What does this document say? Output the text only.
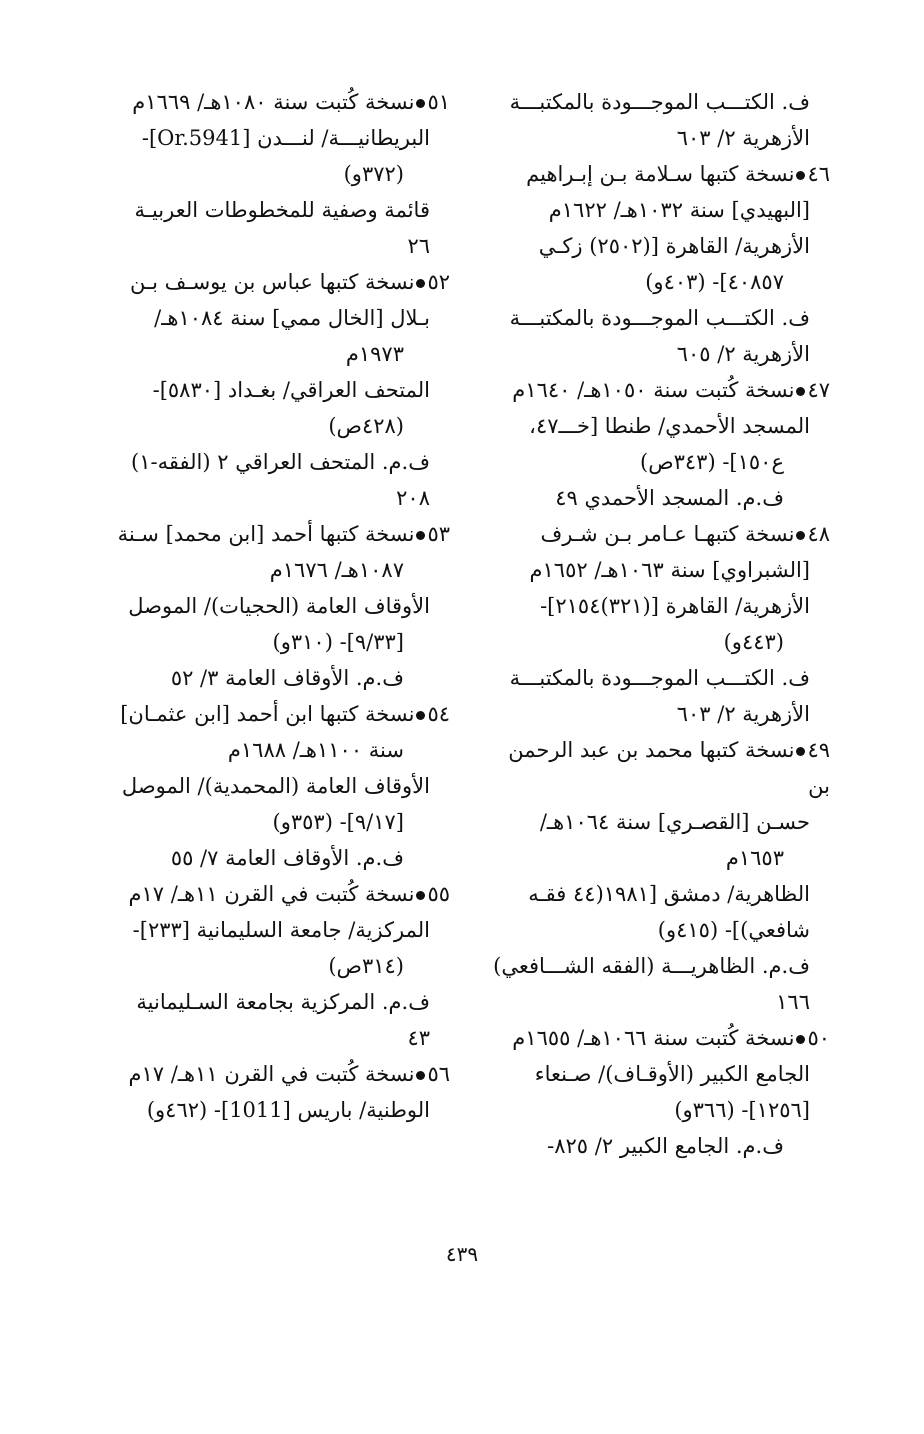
ف. الكتـــب الموجـــودة بالمكتبـــة
الأزهرية ٢/ ٦٠٣
٤٦نسخة كتبها سـلامة بـن إبـراهيم
[البهيدي] سنة ١٠٣٢هـ/ ١٦٢٢م
الأزهرية/ القاهرة [(٢٥٠٢) زكـي
٤٠٨٥٧]- (٤٠٣و)
ف. الكتـــب الموجـــودة بالمكتبـــة
الأزهرية ٢/ ٦٠٥
٤٧نسخة كُتبت سنة ١٠٥٠هـ/ ١٦٤٠م
المسجد الأحمدي/ طنطا [خـــ٤٧،
ع١٥٠]- (٣٤٣ص)
ف.م. المسجد الأحمدي ٤٩
٤٨نسخة كتبهـا عـامر بـن شـرف
[الشبراوي] سنة ١٠٦٣هـ/ ١٦٥٢م
الأزهرية/ القاهرة [(٣٢١)٢١٥٤]-
(٤٤٣و)
ف. الكتـــب الموجـــودة بالمكتبـــة
الأزهرية ٢/ ٦٠٣
٤٩نسخة كتبها محمد بن عبد الرحمن بن
حسـن [القصـري] سنة ١٠٦٤هـ/
١٦٥٣م
الظاهرية/ دمشق [١٩٨١(٤٤ فقـه
شافعي)]- (٤١٥و)
ف.م. الظاهريـــة (الفقه الشـــافعي)
١٦٦
٥٠نسخة كُتبت سنة ١٠٦٦هـ/ ١٦٥٥م
الجامع الكبير (الأوقـاف)/ صـنعاء
[١٢٥٦]- (٣٦٦و)
ف.م. الجامع الكبير ٢/ ٨٢٥-
٥١نسخة كُتبت سنة ١٠٨٠هـ/ ١٦٦٩م
البريطانيـــة/ لنـــدن [Or.5941]-
(٣٧٢و)
قائمة وصفية للمخطوطات العربيـة
٢٦
٥٢نسخة كتبها عباس بن يوسـف بـن
بـلال [الخال ممي] سنة ١٠٨٤هـ/
١٩٧٣م
المتحف العراقي/ بغـداد [٥٨٣٠]-
(٤٢٨ص)
ف.م. المتحف العراقي ٢ (الفقه-١)
٢٠٨
٥٣نسخة كتبها أحمد [ابن محمد] سـنة
١٠٨٧هـ/ ١٦٧٦م
الأوقاف العامة (الحجيات)/ الموصل
[٩/٣٣]- (٣١٠و)
ف.م. الأوقاف العامة ٣/ ٥٢
٥٤نسخة كتبها ابن أحمد [ابن عثمـان]
سنة ١١٠٠هـ/ ١٦٨٨م
الأوقاف العامة (المحمدية)/ الموصل
[٩/١٧]- (٣٥٣و)
ف.م. الأوقاف العامة ٧/ ٥٥
٥٥نسخة كُتبت في القرن ١١هـ/ ١٧م
المركزية/ جامعة السليمانية [٢٣٣]-
(٣١٤ص)
ف.م. المركزية بجامعة السـليمانية
٤٣
٥٦نسخة كُتبت في القرن ١١هـ/ ١٧م
الوطنية/ باريس [1011]- (٤٦٢و)
٤٣٩
